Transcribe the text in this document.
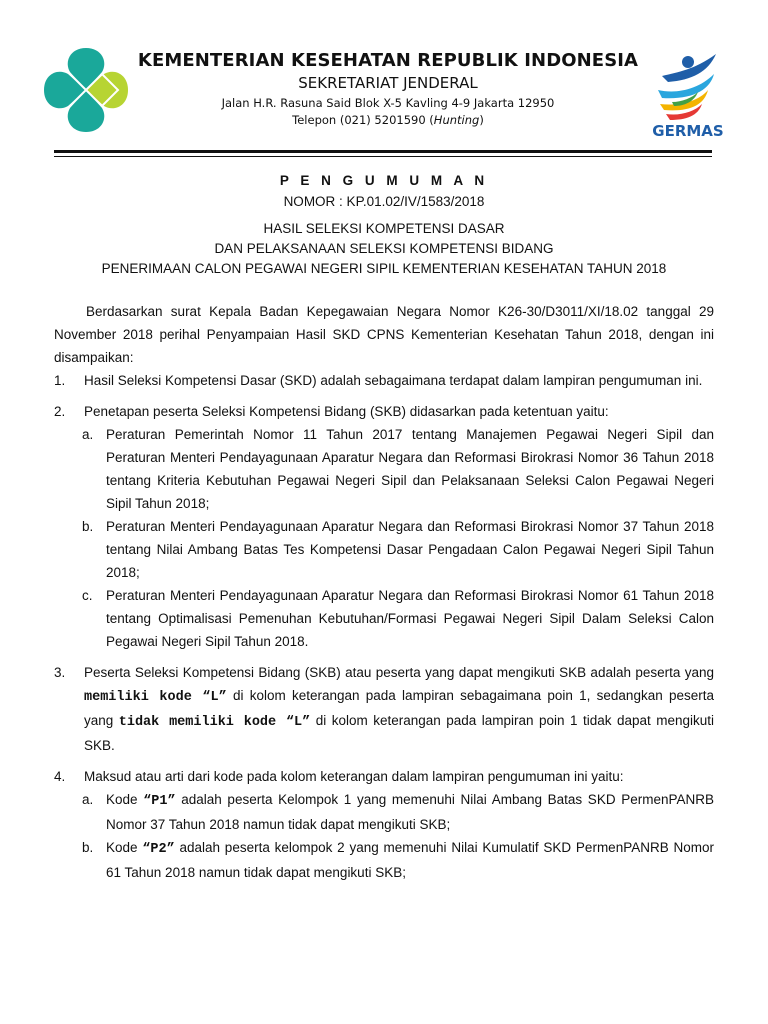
KEMENTERIAN KESEHATAN REPUBLIK INDONESIA
SEKRETARIAT JENDERAL
Jalan H.R. Rasuna Said Blok X-5 Kavling 4-9 Jakarta 12950
Telepon (021) 5201590 (Hunting)
GERMAS
P E N G U M U M A N
NOMOR : KP.01.02/IV/1583/2018
HASIL SELEKSI KOMPETENSI DASAR
DAN PELAKSANAAN SELEKSI KOMPETENSI BIDANG
PENERIMAAN CALON PEGAWAI NEGERI SIPIL KEMENTERIAN KESEHATAN TAHUN 2018

Berdasarkan surat Kepala Badan Kepegawaian Negara Nomor K26-30/D3011/XI/18.02 tanggal 29 November 2018 perihal Penyampaian Hasil SKD CPNS Kementerian Kesehatan Tahun 2018, dengan ini disampaikan:

1.	Hasil Seleksi Kompetensi Dasar (SKD) adalah sebagaimana terdapat dalam lampiran pengumuman ini.
2.	Penetapan peserta Seleksi Kompetensi Bidang (SKB) didasarkan pada ketentuan yaitu:
a. Peraturan Pemerintah Nomor 11 Tahun 2017 tentang Manajemen Pegawai Negeri Sipil dan Peraturan Menteri Pendayagunaan Aparatur Negara dan Reformasi Birokrasi Nomor 36 Tahun 2018 tentang Kriteria Kebutuhan Pegawai Negeri Sipil dan Pelaksanaan Seleksi Calon Pegawai Negeri Sipil Tahun 2018;
b. Peraturan Menteri Pendayagunaan Aparatur Negara dan Reformasi Birokrasi Nomor 37 Tahun 2018 tentang Nilai Ambang Batas Tes Kompetensi Dasar Pengadaan Calon Pegawai Negeri Sipil Tahun 2018;
c. Peraturan Menteri Pendayagunaan Aparatur Negara dan Reformasi Birokrasi Nomor 61 Tahun 2018 tentang Optimalisasi Pemenuhan Kebutuhan/Formasi Pegawai Negeri Sipil Dalam Seleksi Calon Pegawai Negeri Sipil Tahun 2018.
3.	Peserta Seleksi Kompetensi Bidang (SKB) atau peserta yang dapat mengikuti SKB adalah peserta yang memiliki kode “L” di kolom keterangan pada lampiran sebagaimana poin 1, sedangkan peserta yang tidak memiliki kode “L” di kolom keterangan pada lampiran poin 1 tidak dapat mengikuti SKB.
4.	Maksud atau arti dari kode pada kolom keterangan dalam lampiran pengumuman ini yaitu:
a. Kode “P1” adalah peserta Kelompok 1 yang memenuhi Nilai Ambang Batas SKD PermenPANRB Nomor 37 Tahun 2018 namun tidak dapat mengikuti SKB;
b. Kode “P2” adalah peserta kelompok 2 yang memenuhi Nilai Kumulatif SKD PermenPANRB Nomor 61 Tahun 2018 namun tidak dapat mengikuti SKB;
